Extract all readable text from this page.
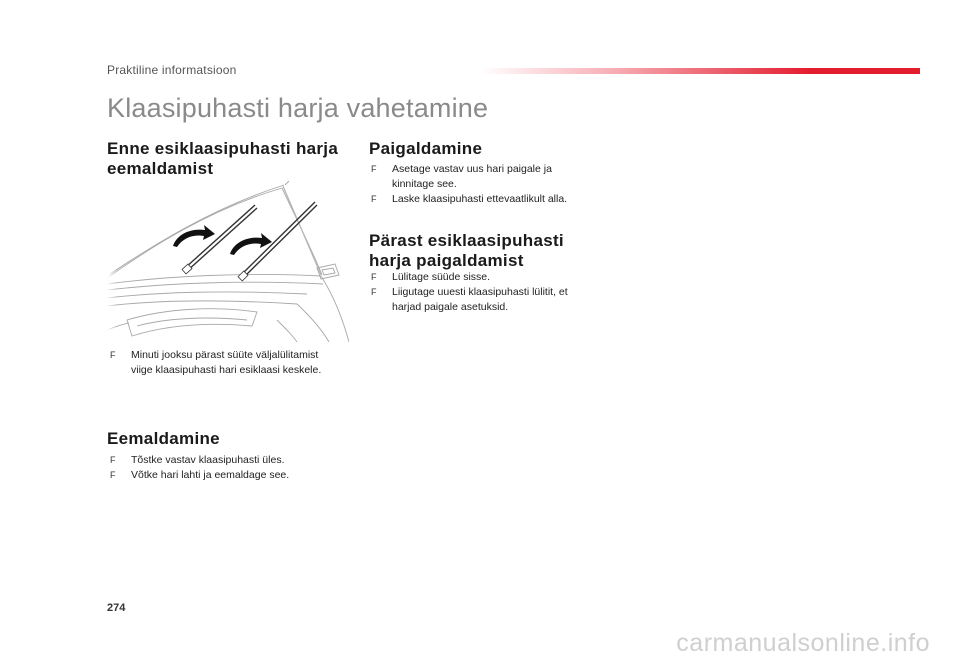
Praktiline informatsioon
Klaasipuhasti harja vahetamine
Enne esiklaasipuhasti harja
eemaldamist
F Minuti jooksu pärast süüte väljalülitamist
viige klaasipuhasti hari esiklaasi keskele.
Eemaldamine
F Tõstke vastav klaasipuhasti üles.
F Võtke hari lahti ja eemaldage see.
Paigaldamine
F Asetage vastav uus hari paigale ja
kinnitage see.
F Laske klaasipuhasti ettevaatlikult alla.
Pärast esiklaasipuhasti
harja paigaldamist
F Lülitage süüde sisse.
F Liigutage uuesti klaasipuhasti lülitit, et
harjad paigale asetuksid.
274
carmanualsonline.info
